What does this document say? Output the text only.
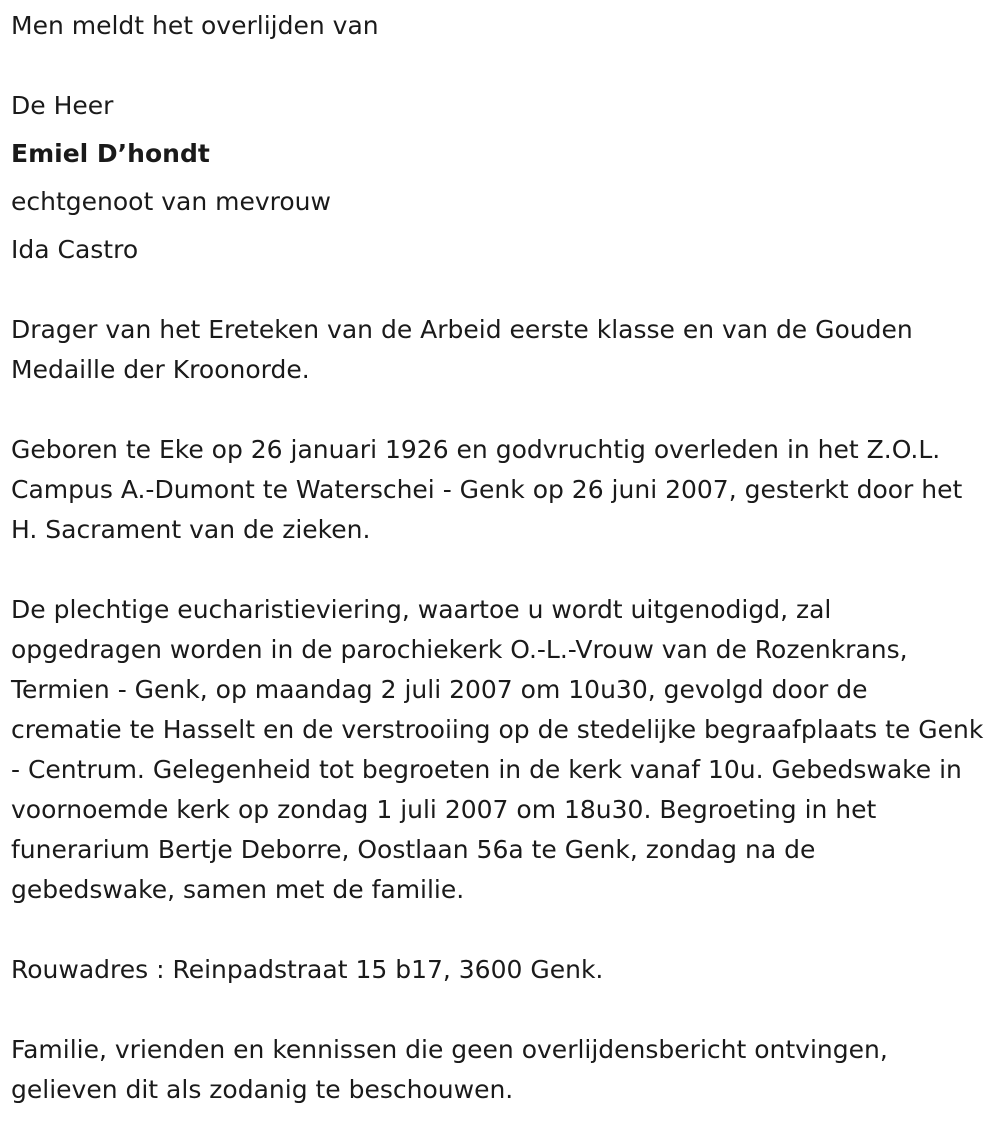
Men meldt het overlijden van

De Heer

Emiel D’hondt

echtgenoot van mevrouw

Ida Castro

Drager van het Ereteken van de Arbeid eerste klasse en van de Gouden Medaille der Kroonorde.

Geboren te Eke op 26 januari 1926 en godvruchtig overleden in het Z.O.L. Campus A.-Dumont te Waterschei - Genk op 26 juni 2007, gesterkt door het H. Sacrament van de zieken.

De plechtige eucharistieviering, waartoe u wordt uitgenodigd, zal opgedragen worden in de parochiekerk O.-L.-Vrouw van de Rozenkrans, Termien - Genk, op maandag 2 juli 2007 om 10u30, gevolgd door de crematie te Hasselt en de verstrooiing op de stedelijke begraafplaats te Genk - Centrum. Gelegenheid tot begroeten in de kerk vanaf 10u. Gebedswake in voornoemde kerk op zondag 1 juli 2007 om 18u30. Begroeting in het funerarium Bertje Deborre, Oostlaan 56a te Genk, zondag na de gebedswake, samen met de familie.

Rouwadres : Reinpadstraat 15 b17, 3600 Genk.

Familie, vrienden en kennissen die geen overlijdensbericht ontvingen, gelieven dit als zodanig te beschouwen.
